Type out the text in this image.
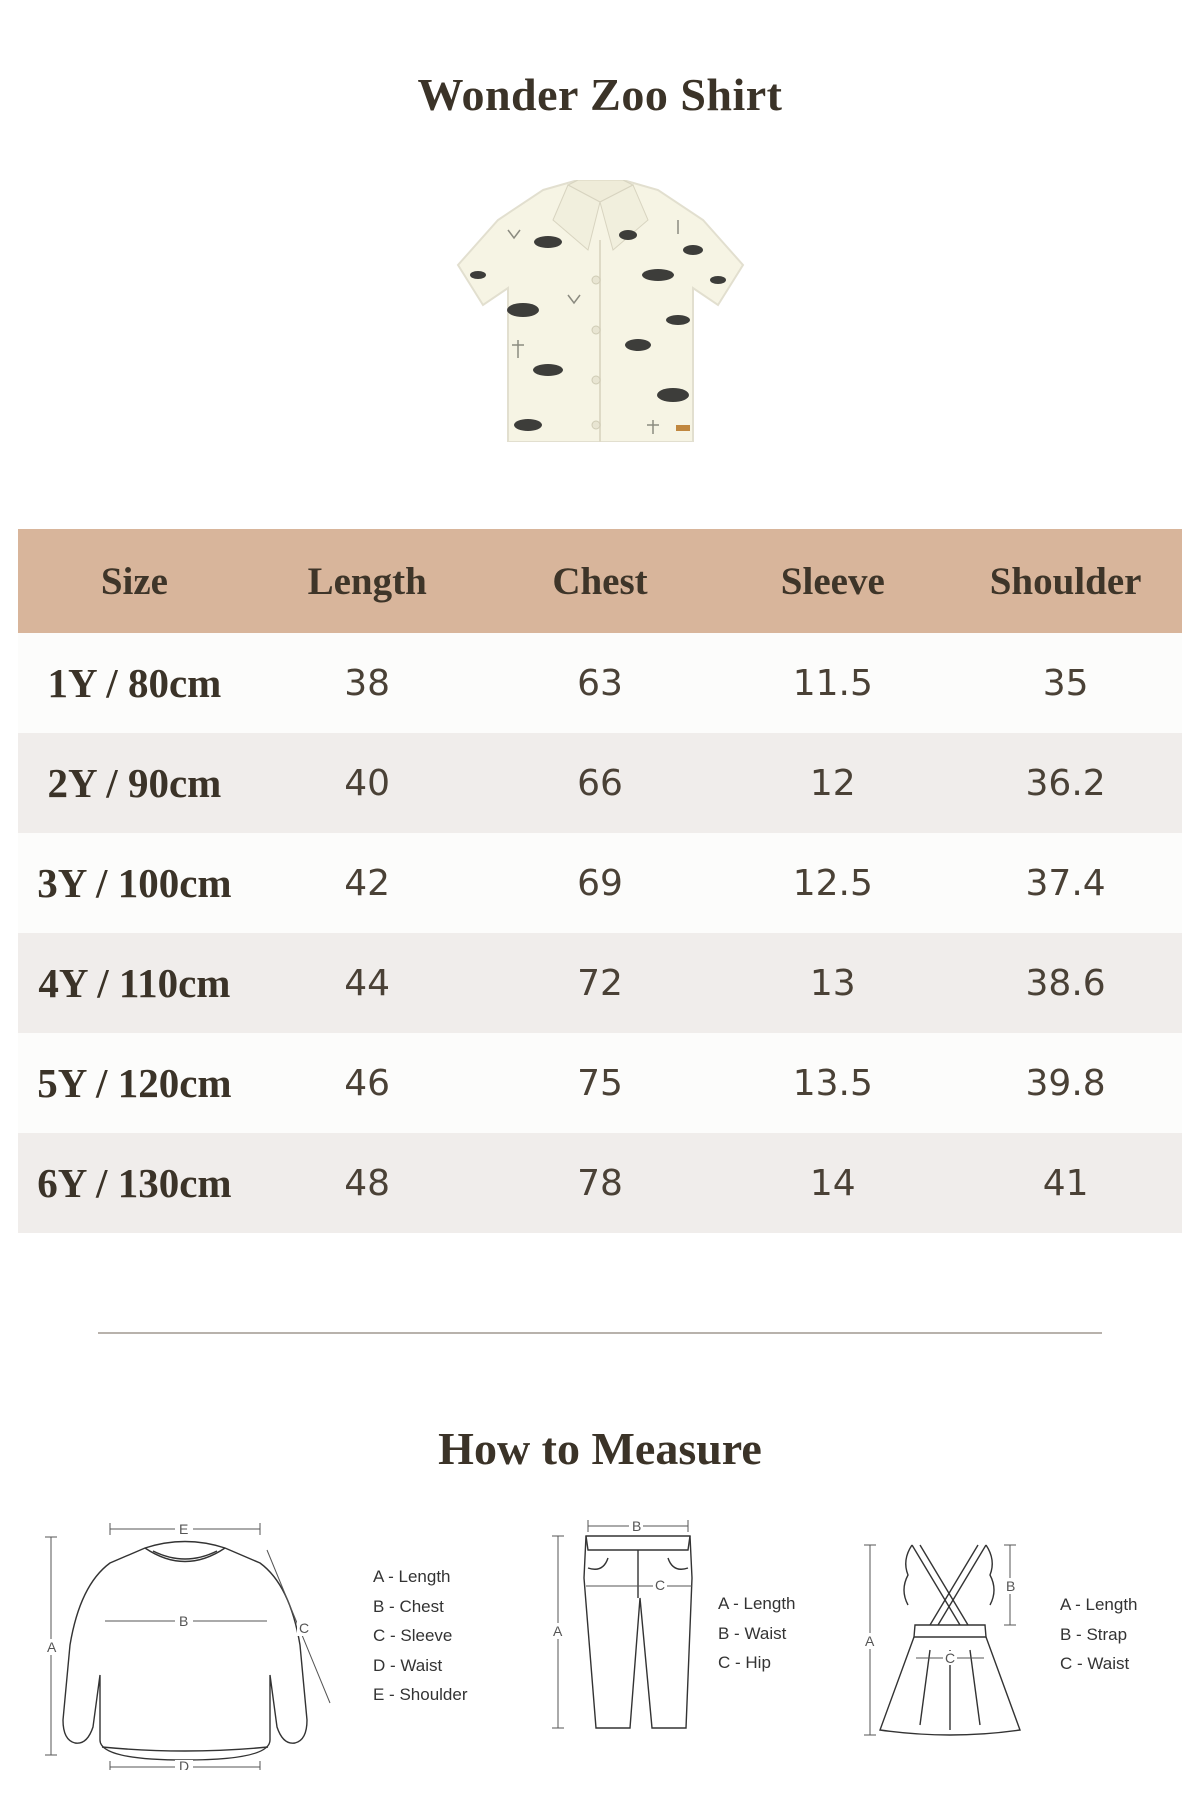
Wonder Zoo Shirt
Size	Length	Chest	Sleeve	Shoulder
1Y / 80cm	38	63	11.5	35
2Y / 90cm	40	66	12	36.2
3Y / 100cm	42	69	12.5	37.4
4Y / 110cm	44	72	13	38.6
5Y / 120cm	46	75	13.5	39.8
6Y / 130cm	48	78	14	41
How to Measure
E
B
A
C
D
A - Length
B - Chest
C - Sleeve
D - Waist
E - Shoulder
B
C
A
A - Length
B - Waist
C - Hip
A
B
C
A - Length
B - Strap
C - Waist
